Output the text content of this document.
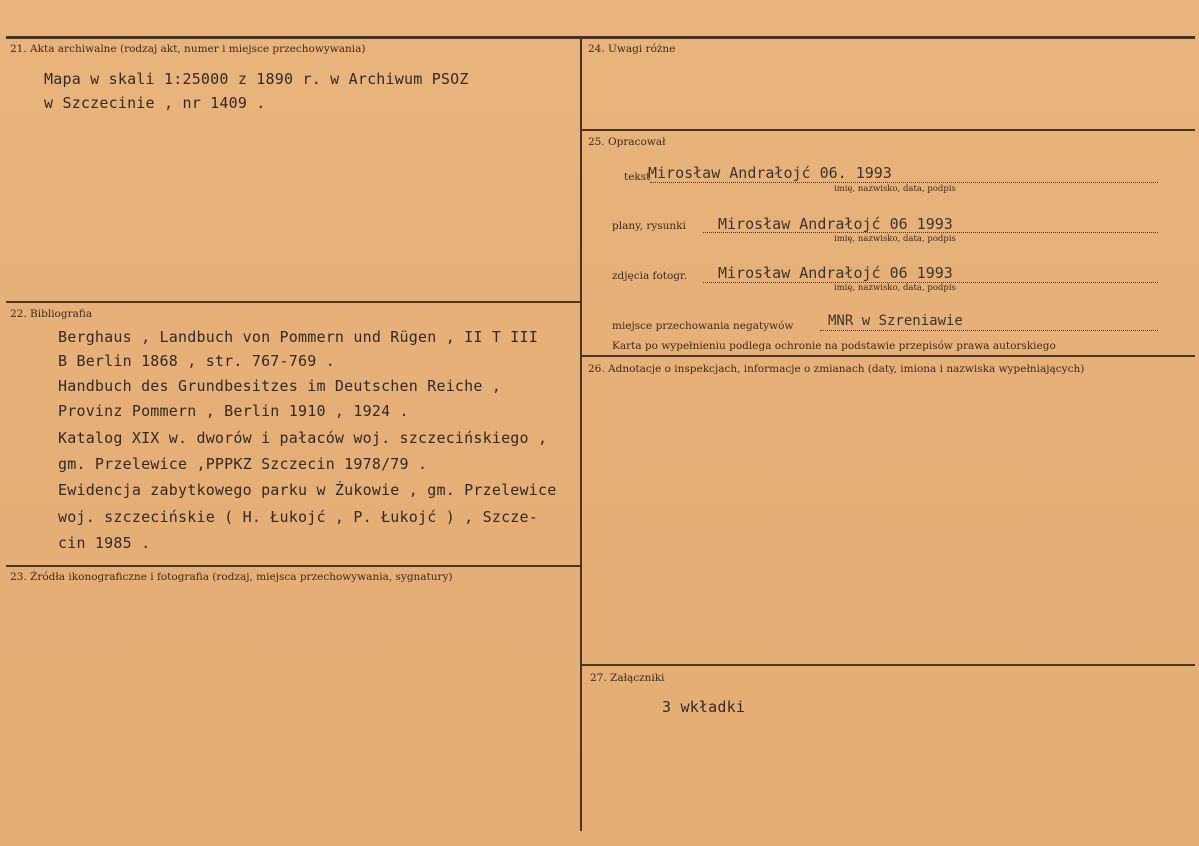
21. Akta archiwalne (rodzaj akt, numer i miejsce przechowywania)
Mapa w skali 1:25000 z 1890 r. w Archiwum PSOZ
w Szczecinie , nr 1409 .
22. Bibliografia
Berghaus , Landbuch von Pommern und Rügen , II T III
B Berlin 1868 , str. 767-769 .
Handbuch des Grundbesitzes im Deutschen Reiche ,
Provinz Pommern , Berlin 1910 , 1924 .
Katalog XIX w. dworów i pałaców woj. szczecińskiego ,
gm. Przelewice ,PPPKZ Szczecin 1978/79 .
Ewidencja zabytkowego parku w Żukowie , gm. Przelewice
woj. szczecińskie ( H. Łukojć , P. Łukojć ) , Szcze-
cin 1985 .
23. Źródła ikonograficzne i fotografia (rodzaj, miejsca przechowywania, sygnatury)
24. Uwagi różne
25. Opracował
tekst
Mirosław Andrałojć 06. 1993
imię, nazwisko, data, podpis
plany, rysunki Mirosław Andrałojć 06 1993
imię, nazwisko, data, podpis
zdjęcia fotogr. Mirosław Andrałojć 06 1993
imię, nazwisko, data, podpis
miejsce przechowania negatywów MNR w Szreniawie
Karta po wypełnieniu podlega ochronie na podstawie przepisów prawa autorskiego
26. Adnotacje o inspekcjach, informacje o zmianach (daty, imiona i nazwiska wypełniających)
27. Załączniki
3 wkładki
